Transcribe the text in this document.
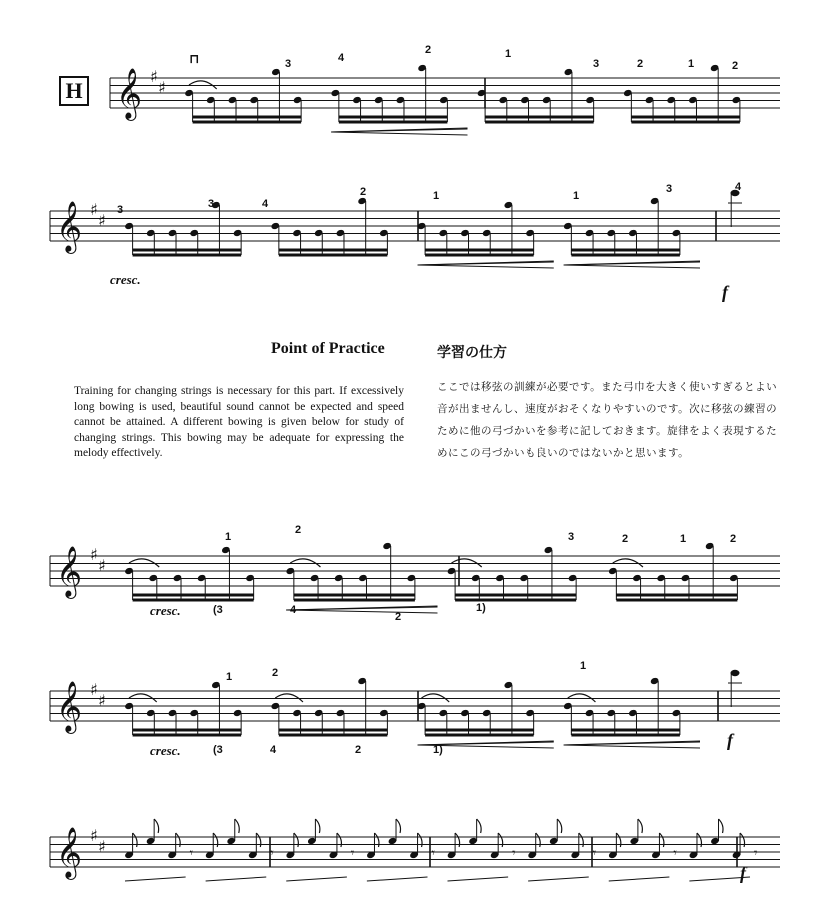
H 𝄞 ♯
♯
𝄞 ♯
♯
𝄞 ♯
♯
𝄞 ♯
♯
𝄞 ♯
♯	𝄾	𝄾	𝄾	𝄾	𝄾	𝄾	𝄾	𝄾
Point of Practice	学習の仕方

Training for changing strings is necessary for this part. If excessively long bowing is used, beautiful sound cannot be expected and speed cannot be attained. A different bowing is given below for study of changing strings. This bowing may be adequate for expressing the melody effectively.

ここでは移弦の訓練が必要です。また弓巾を大きく使いすぎるとよい音が出ませんし、速度がおそくなりやすいのです。次に移弦の練習のために他の弓づかいを参考に記しておきます。旋律をよく表現するためにこの弓づかいも良いのではないかと思います。

⊓
cresc.
cresc.
cresc.
f
f
f
3	4
2	1
3	2	1	2
3	3	4
2	1	1
3	4
1
2
3	2	1	2
(3	4
2
1)
1	2
1
(3	4	2	1)
